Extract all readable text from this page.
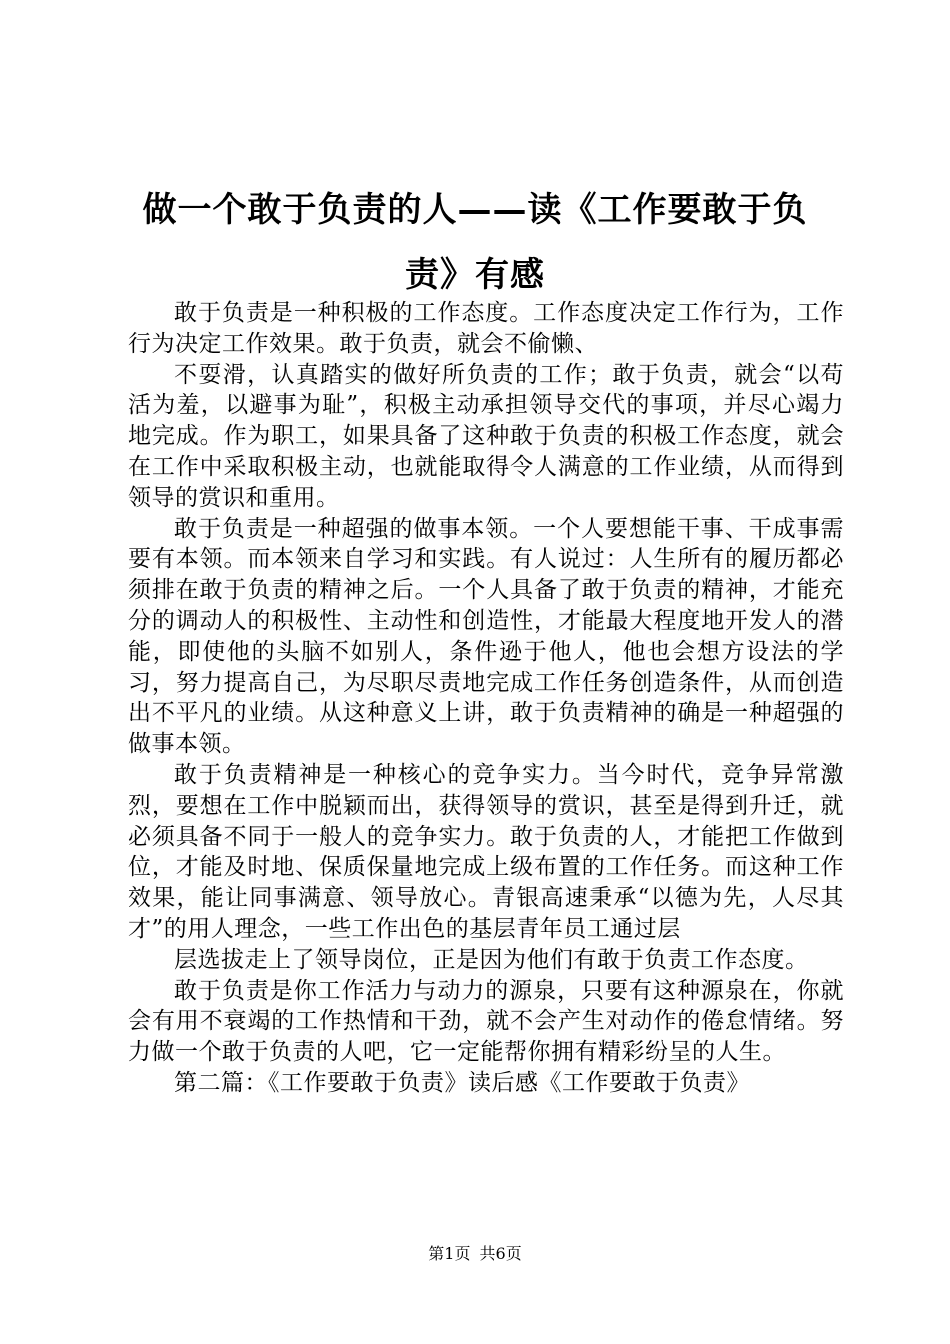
做一个敢于负责的人——读《工作要敢于负
责》有感

敢于负责是一种积极的工作态度。工作态度决定工作行为，工作行为决定工作效果。敢于负责，就会不偷懒、

不耍滑，认真踏实的做好所负责的工作；敢于负责，就会“以苟活为羞，以避事为耻”，积极主动承担领导交代的事项，并尽心竭力地完成。作为职工，如果具备了这种敢于负责的积极工作态度，就会在工作中采取积极主动，也就能取得令人满意的工作业绩，从而得到领导的赏识和重用。

敢于负责是一种超强的做事本领。一个人要想能干事、干成事需要有本领。而本领来自学习和实践。有人说过：人生所有的履历都必须排在敢于负责的精神之后。一个人具备了敢于负责的精神，才能充分的调动人的积极性、主动性和创造性，才能最大程度地开发人的潜能，即使他的头脑不如别人，条件逊于他人，他也会想方设法的学习，努力提高自己，为尽职尽责地完成工作任务创造条件，从而创造出不平凡的业绩。从这种意义上讲，敢于负责精神的确是一种超强的做事本领。

敢于负责精神是一种核心的竞争实力。当今时代，竞争异常激烈，要想在工作中脱颖而出，获得领导的赏识，甚至是得到升迁，就必须具备不同于一般人的竞争实力。敢于负责的人，才能把工作做到位，才能及时地、保质保量地完成上级布置的工作任务。而这种工作效果，能让同事满意、领导放心。青银高速秉承“以德为先，人尽其才”的用人理念，一些工作出色的基层青年员工通过层

层选拔走上了领导岗位，正是因为他们有敢于负责工作态度。

敢于负责是你工作活力与动力的源泉，只要有这种源泉在，你就会有用不衰竭的工作热情和干劲，就不会产生对动作的倦怠情绪。努力做一个敢于负责的人吧，它一定能帮你拥有精彩纷呈的人生。

第二篇：《工作要敢于负责》读后感《工作要敢于负责》

第1页 共6页
